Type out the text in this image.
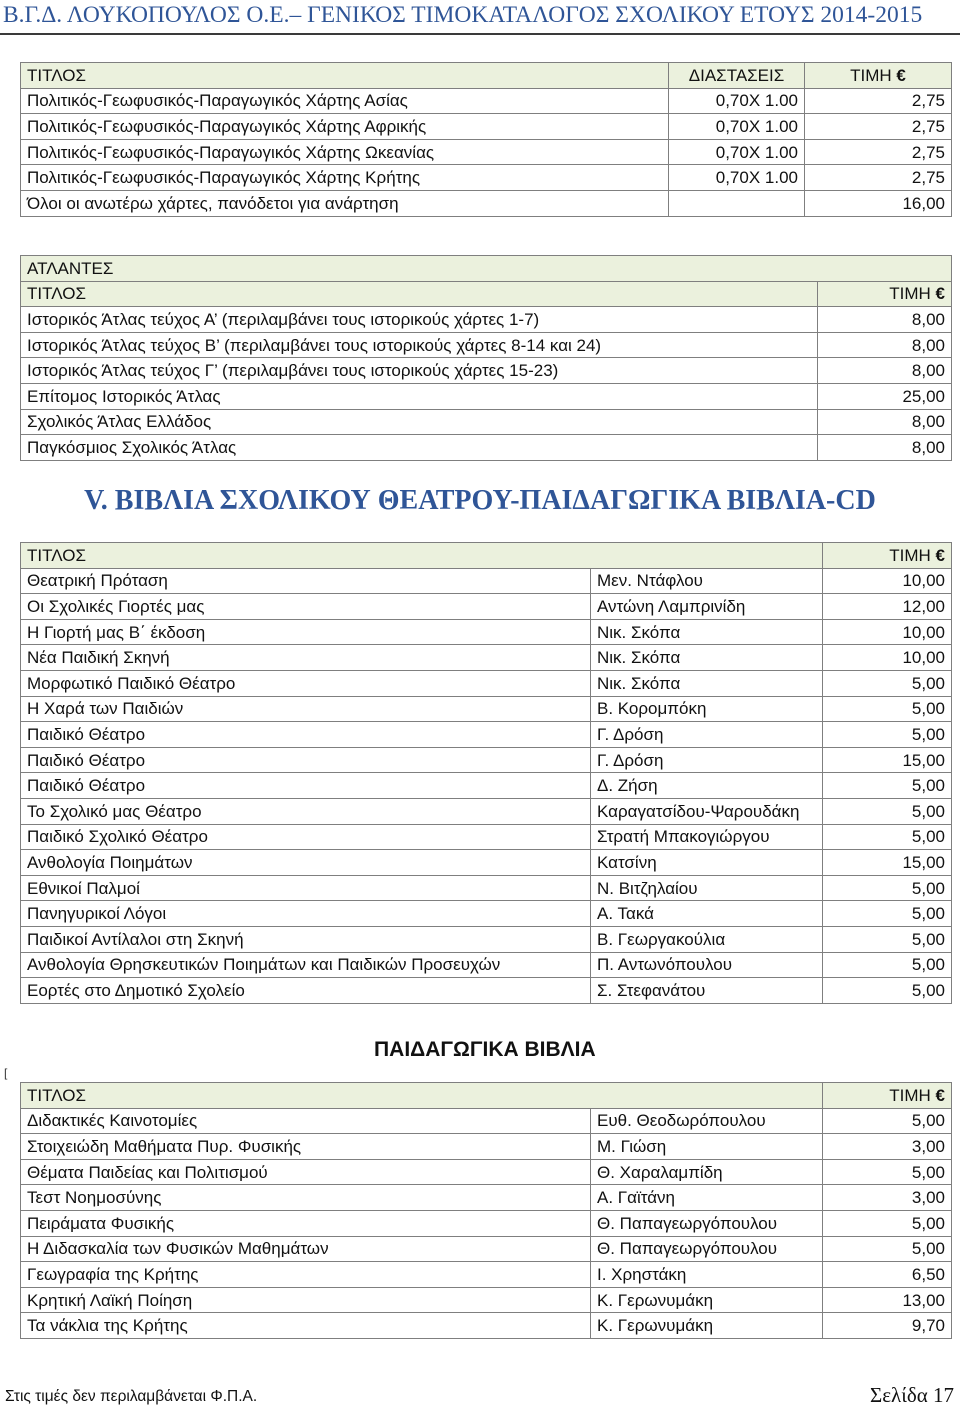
Β.Γ.Δ. ΛΟΥΚΟΠΟΥΛΟΣ Ο.Ε.– ΓΕΝΙΚΟΣ ΤΙΜΟΚΑΤΑΛΟΓΟΣ ΣΧΟΛΙΚΟΥ ΕΤΟΥΣ 2014-2015
ΤΙΤΛΟΣ	ΔΙΑΣΤΑΣΕΙΣ	ΤΙΜΗ €
Πολιτικός-Γεωφυσικός-Παραγωγικός Χάρτης Ασίας	0,70Χ 1.00	2,75
Πολιτικός-Γεωφυσικός-Παραγωγικός Χάρτης Αφρικής	0,70Χ 1.00	2,75
Πολιτικός-Γεωφυσικός-Παραγωγικός Χάρτης Ωκεανίας	0,70Χ 1.00	2,75
Πολιτικός-Γεωφυσικός-Παραγωγικός Χάρτης Κρήτης	0,70Χ 1.00	2,75
Όλοι οι ανωτέρω χάρτες, πανόδετοι για ανάρτηση		16,00
ΑΤΛΑΝΤΕΣ	
ΤΙΤΛΟΣ	ΤΙΜΗ €
Ιστορικός Άτλας τεύχος Α’ (περιλαμβάνει τους ιστορικούς χάρτες 1-7)	8,00
Ιστορικός Άτλας τεύχος Β’ (περιλαμβάνει τους ιστορικούς χάρτες 8-14 και 24)	8,00
Ιστορικός Άτλας τεύχος Γ’ (περιλαμβάνει τους ιστορικούς χάρτες 15-23)	8,00
Επίτομος Ιστορικός Άτλας	25,00
Σχολικός Άτλας Ελλάδος	8,00
Παγκόσμιος Σχολικός Άτλας	8,00
V. ΒΙΒΛΙΑ ΣΧΟΛΙΚΟΥ ΘΕΑΤΡΟΥ-ΠΑΙΔΑΓΩΓΙΚΑ ΒΙΒΛΙΑ-CD
ΤΙΤΛΟΣ		ΤΙΜΗ €
Θεατρική Πρόταση	Μεν. Ντάφλου	10,00
Οι Σχολικές Γιορτές μας	Αντώνη Λαμπρινίδη	12,00
Η Γιορτή μας Β΄ έκδοση	Νικ. Σκόπα	10,00
Νέα Παιδική Σκηνή	Νικ. Σκόπα	10,00
Μορφωτικό Παιδικό Θέατρο	Νικ. Σκόπα	5,00
Η Χαρά των Παιδιών	Β. Κορομπόκη	5,00
Παιδικό Θέατρο	Γ. Δρόση	5,00
Παιδικό Θέατρο	Γ. Δρόση	15,00
Παιδικό Θέατρο	Δ. Ζήση	5,00
Το Σχολικό μας Θέατρο	Καραγατσίδου-Ψαρουδάκη	5,00
Παιδικό Σχολικό Θέατρο	Στρατή Μπακογιώργου	5,00
Ανθολογία Ποιημάτων	Κατσίνη	15,00
Εθνικοί Παλμοί	Ν. Βιτζηλαίου	5,00
Πανηγυρικοί Λόγοι	Α. Τακά	5,00
Παιδικοί Αντίλαλοι στη Σκηνή	Β. Γεωργακούλια	5,00
Ανθολογία Θρησκευτικών Ποιημάτων και Παιδικών Προσευχών	Π. Αντωνόπουλου	5,00
Εορτές στο Δημοτικό Σχολείο	Σ. Στεφανάτου	5,00
[
ΠΑΙΔΑΓΩΓΙΚΑ ΒΙΒΛΙΑ
ΤΙΤΛΟΣ		ΤΙΜΗ €
Διδακτικές Καινοτομίες	Ευθ. Θεοδωρόπουλου	5,00
Στοιχειώδη Μαθήματα Πυρ. Φυσικής	Μ. Γιώση	3,00
Θέματα Παιδείας και Πολιτισμού	Θ. Χαραλαμπίδη	5,00
Τεστ Νοημοσύνης	Α. Γαϊτάνη	3,00
Πειράματα Φυσικής	Θ. Παπαγεωργόπουλου	5,00
Η Διδασκαλία των Φυσικών Μαθημάτων	Θ. Παπαγεωργόπουλου	5,00
Γεωγραφία της Κρήτης	Ι. Χρηστάκη	6,50
Κρητική Λαϊκή Ποίηση	Κ. Γερωνυμάκη	13,00
Τα νάκλια της Κρήτης	Κ. Γερωνυμάκη	9,70
Στις τιμές δεν περιλαμβάνεται Φ.Π.Α.	Σελίδα 17
